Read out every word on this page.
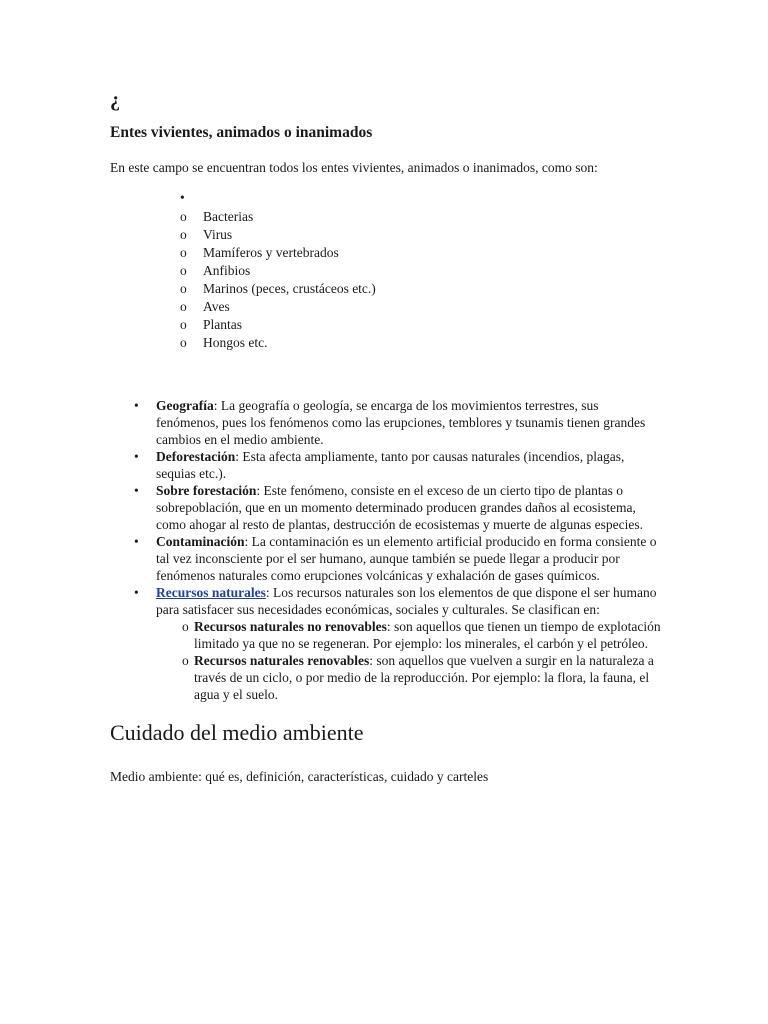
¿
Entes vivientes, animados o inanimados

En este campo se encuentran todos los entes vivientes, animados o inanimados, como son:

•
o Bacterias
o Virus
o Mamíferos y vertebrados
o Anfibios
o Marinos (peces, crustáceos etc.)
o Aves
o Plantas
o Hongos etc.
• Geografía: La geografía o geología, se encarga de los movimientos terrestres, sus fenómenos, pues los fenómenos como las erupciones, temblores y tsunamis tienen grandes cambios en el medio ambiente.
• Deforestación: Esta afecta ampliamente, tanto por causas naturales (incendios, plagas, sequias etc.).
• Sobre forestación: Este fenómeno, consiste en el exceso de un cierto tipo de plantas o sobrepoblación, que en un momento determinado producen grandes daños al ecosistema, como ahogar al resto de plantas, destrucción de ecosistemas y muerte de algunas especies.
• Contaminación: La contaminación es un elemento artificial producido en forma consiente o tal vez inconsciente por el ser humano, aunque también se puede llegar a producir por fenómenos naturales como erupciones volcánicas y exhalación de gases químicos.
• Recursos naturales: Los recursos naturales son los elementos de que dispone el ser humano para satisfacer sus necesidades económicas, sociales y culturales. Se clasifican en:
o Recursos naturales no renovables: son aquellos que tienen un tiempo de explotación limitado ya que no se regeneran. Por ejemplo: los minerales, el carbón y el petróleo.
o Recursos naturales renovables: son aquellos que vuelven a surgir en la naturaleza a través de un ciclo, o por medio de la reproducción. Por ejemplo: la flora, la fauna, el agua y el suelo.
Cuidado del medio ambiente

Medio ambiente: qué es, definición, características, cuidado y carteles
